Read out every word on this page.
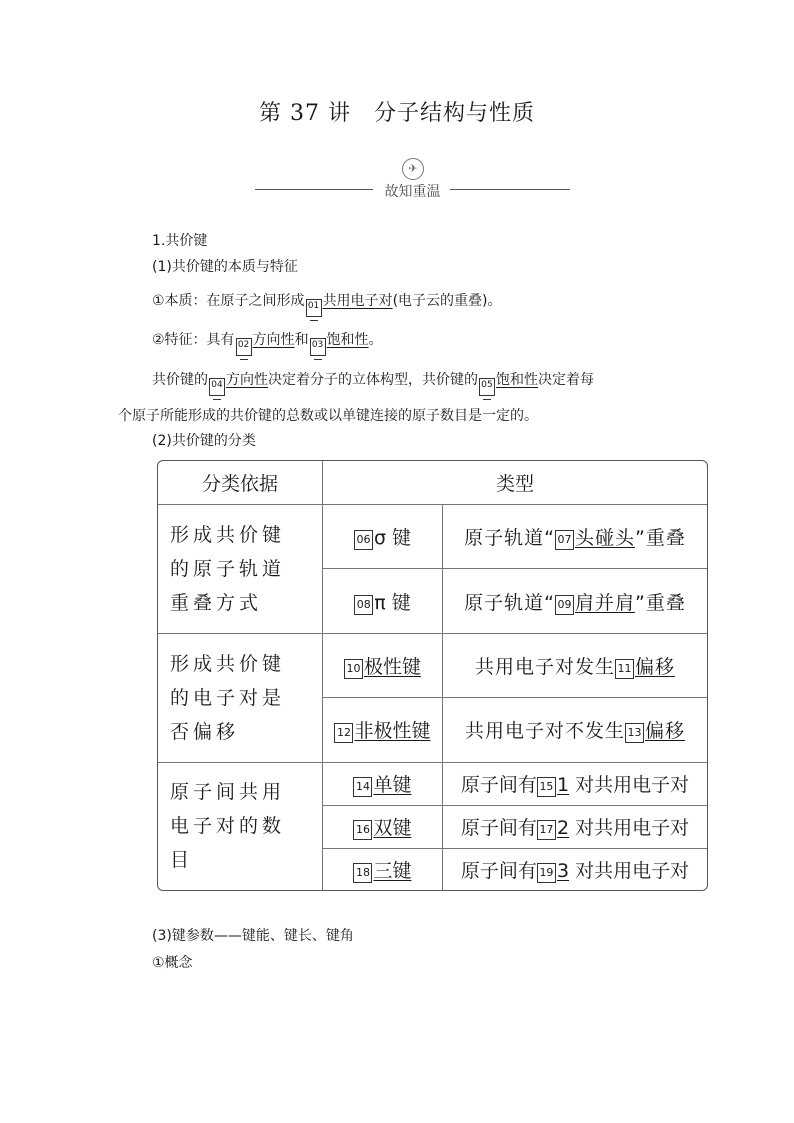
第 37 讲　分子结构与性质
✈
故知重温
1.共价键
(1)共价键的本质与特征
①本质：在原子之间形成 01 共用电子对(电子云的重叠)。
②特征：具有 02 方向性和 03 饱和性。
共价键的 04 方向性决定着分子的立体构型，共价键的 05 饱和性决定着每
个原子所能形成的共价键的总数或以单键连接的原子数目是一定的。
(2)共价键的分类
分类依据	类型	

形成共价键
的原子轨道
重叠方式	06 σ 键	原子轨道“ 07 头碰头”重叠
	08 π 键	原子轨道“ 09 肩并肩”重叠

形成共价键
的电子对是
否偏移	10 极性键	共用电子对发生 11 偏移
	12 非极性键	共用电子对不发生 13 偏移

原子间共用
电子对的数
目	14 单键	原子间有 15 1 对共用电子对
	16 双键	原子间有 17 2 对共用电子对
	18 三键	原子间有 19 3 对共用电子对
(3)键参数——键能、键长、键角
①概念
